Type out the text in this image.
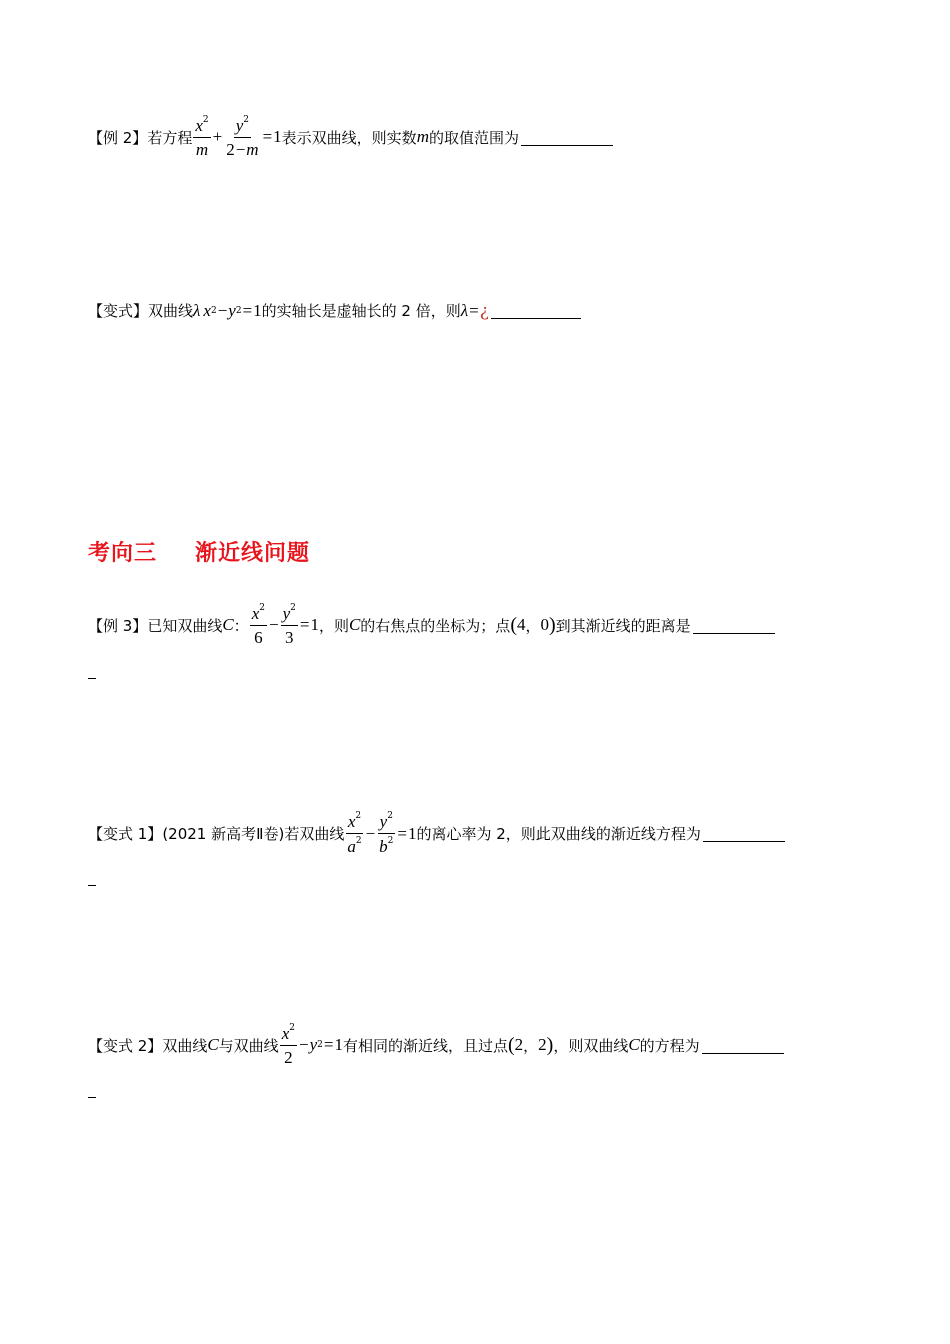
【例 2】 若方程 $\frac{x^2}{m} + \frac{y^2}{2-m} = 1$ 表示双曲线，则实数 m 的取值范围为
【变式】 双曲线 λ x 2 − y 2 = 1 的实轴长是虚轴长的 2 倍，则 λ = ¿
考向三 渐近线问题
【例 3】 已知双曲线 C ： $\frac{x^2}{6} - \frac{y^2}{3} = 1$ ，则 C 的右焦点的坐标为；点 ( 4 ， 0 ) 到其渐近线的距离是
【变式 1】 (2021 新高考Ⅱ卷)若双曲线 $\frac{x^2}{a^2} - \frac{y^2}{b^2} = 1$ 的离心率为 2，则此双曲线的渐近线方程为
【变式 2】 双曲线 C 与双曲线 $\frac{x^2}{2} - y$ 2 = 1 有相同的渐近线，且过点 ( 2 ， 2 ) ，则双曲线 C 的方程为
